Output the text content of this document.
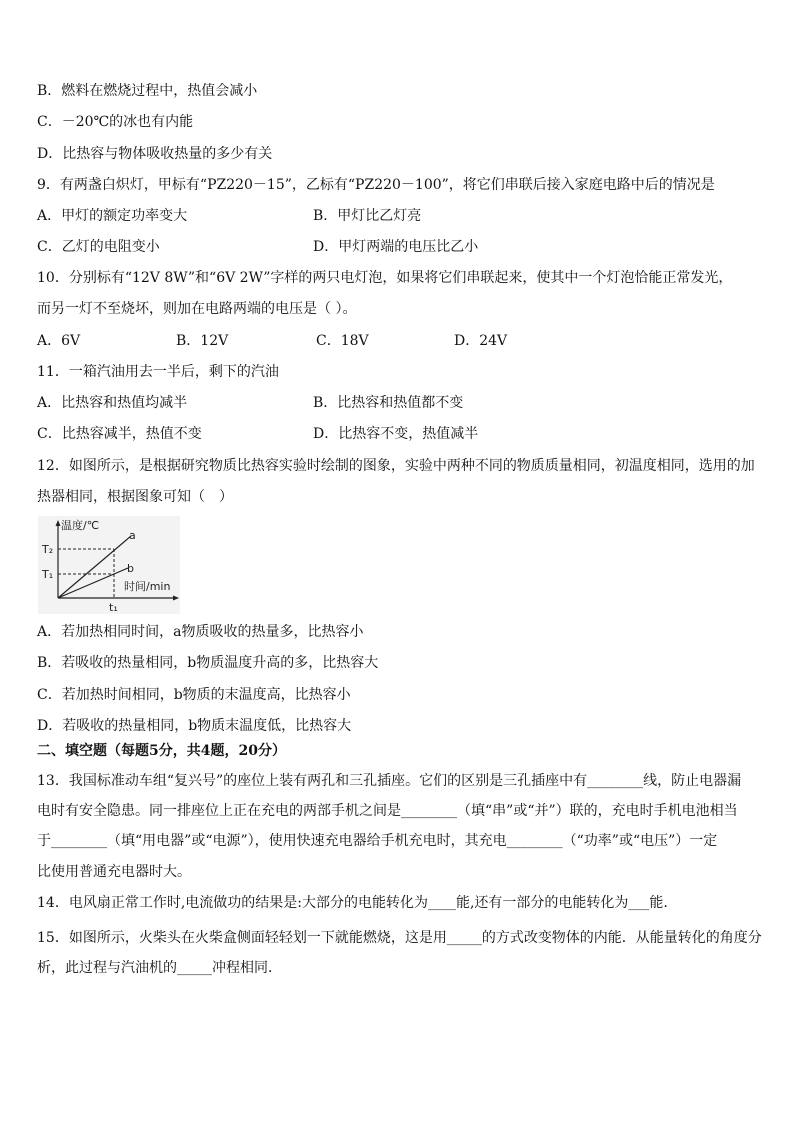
B．燃料在燃烧过程中，热值会减小
C．－20℃的冰也有内能
D．比热容与物体吸收热量的多少有关
9．有两盏白炽灯，甲标有“PZ220－15”，乙标有“PZ220－100”，将它们串联后接入家庭电路中后的情况是
A．甲灯的额定功率变大	B．甲灯比乙灯亮
C．乙灯的电阻变小	D．甲灯两端的电压比乙小
10．分别标有“12V 8W”和“6V 2W”字样的两只电灯泡，如果将它们串联起来，使其中一个灯泡恰能正常发光，
而另一灯不至烧坏，则加在电路两端的电压是（ ）。
A．6V	B．12V	C．18V	D．24V
11．一箱汽油用去一半后，剩下的汽油
A．比热容和热值均减半	B．比热容和热值都不变
C．比热容减半，热值不变	D．比热容不变，热值减半
12．如图所示，是根据研究物质比热容实验时绘制的图象，实验中两种不同的物质质量相同，初温度相同，选用的加
热器相同，根据图象可知（　）
温度/℃
T₂
T₁
a
b
时间/min
t₁
A．若加热相同时间，a物质吸收的热量多，比热容小
B．若吸收的热量相同，b物质温度升高的多，比热容大
C．若加热时间相同，b物质的末温度高，比热容小
D．若吸收的热量相同，b物质末温度低，比热容大
二、填空题（每题5分，共4题，20分）
13．我国标准动车组“复兴号”的座位上装有两孔和三孔插座。它们的区别是三孔插座中有________线，防止电器漏
电时有安全隐患。同一排座位上正在充电的两部手机之间是________（填“串”或“并”）联的，充电时手机电池相当
于________（填“用电器”或“电源”），使用快速充电器给手机充电时，其充电________（“功率”或“电压”）一定
比使用普通充电器时大。
14．电风扇正常工作时,电流做功的结果是:大部分的电能转化为____能,还有一部分的电能转化为___能.
15．如图所示，火柴头在火柴盒侧面轻轻划一下就能燃烧，这是用_____的方式改变物体的内能．从能量转化的角度分
析，此过程与汽油机的_____冲程相同．
